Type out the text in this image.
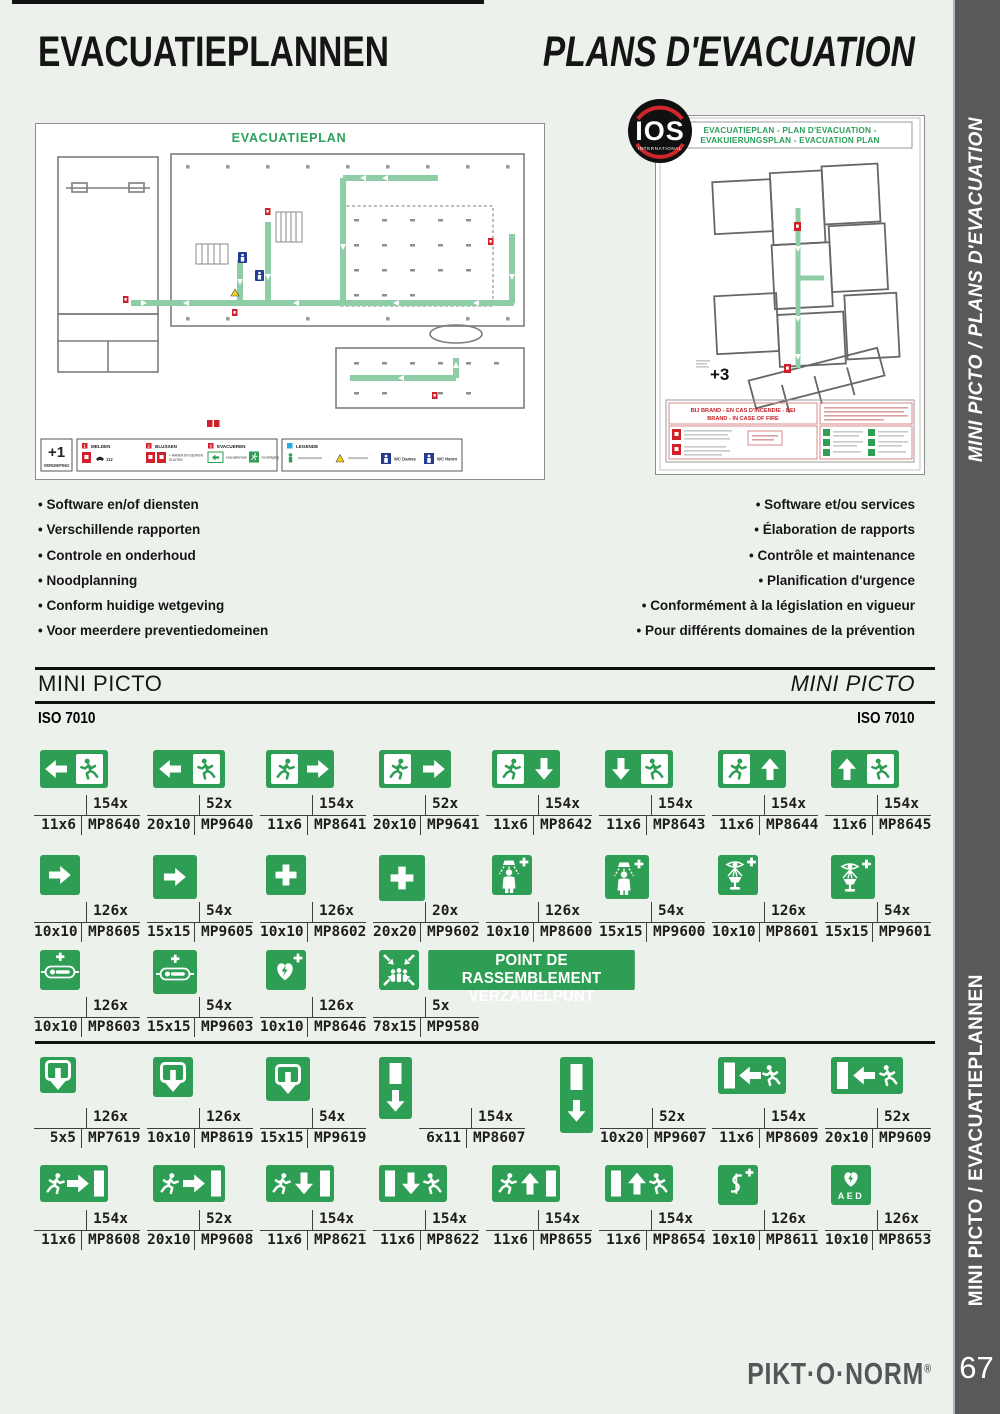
EVACUATIEPLANNEN	PLANS D'EVACUATION
EVACUATIEPLAN
+1
VERDIEPING
1 MELDEN
112
2 BLUSSEN
+ RAMEN EN DEUREN
SLUITEN
3 EVACUEREN
evacuatieroute	nooduitgang
LEGENDE
WC Dames	WC Heren
EVACUATIEPLAN - PLAN D'EVACUATION -
EVAKUIERUNGSPLAN - EVACUATION PLAN
+3
BIJ BRAND - EN CAS D'INCENDIE - BEI
BRAND - IN CASE OF FIRE
IOS
INTERNATIONAL
• Software en/of diensten
• Verschillende rapporten
• Controle en onderhoud
• Noodplanning
• Conform huidige wetgeving
• Voor meerdere preventiedomeinen
• Software et/ou services
• Élaboration de rapports
• Contrôle et maintenance
• Planification d'urgence
• Conformément à la législation en vigueur
• Pour différents domaines de la prévention
MINI PICTO	MINI PICTO
ISO 7010	ISO 7010
154x
11x6 MP8640
52x
20x10 MP9640
154x
11x6 MP8641
52x
20x10 MP9641
154x
11x6 MP8642
154x
11x6 MP8643
154x
11x6 MP8644
154x
11x6 MP8645
126x
10x10 MP8605
54x
15x15 MP9605
126x
10x10 MP8602
20x
20x20 MP9602
126x
10x10 MP8600
54x
15x15 MP9600
126x
10x10 MP8601
54x
15x15 MP9601
126x
10x10 MP8603
54x
15x15 MP9603
126x
10x10 MP8646
5x
78x15 MP9580
POINT DE RASSEMBLEMENT
VERZAMELPUNT
126x
5x5 MP7619
126x
10x10 MP8619
54x
15x15 MP9619
154x
6x11 MP8607
52x
10x20 MP9607
154x
11x6 MP8609
52x
20x10 MP9609
154x
11x6 MP8608
52x
20x10 MP9608
154x
11x6 MP8621
154x
11x6 MP8622
154x
11x6 MP8655
154x
11x6 MP8654
126x
10x10 MP8611
AED
126x
10x10 MP8653
PIKT·O·NORM®
MINI PICTO / PLANS D'EVACUATION
MINI PICTO / EVACUATIEPLANNEN
67
